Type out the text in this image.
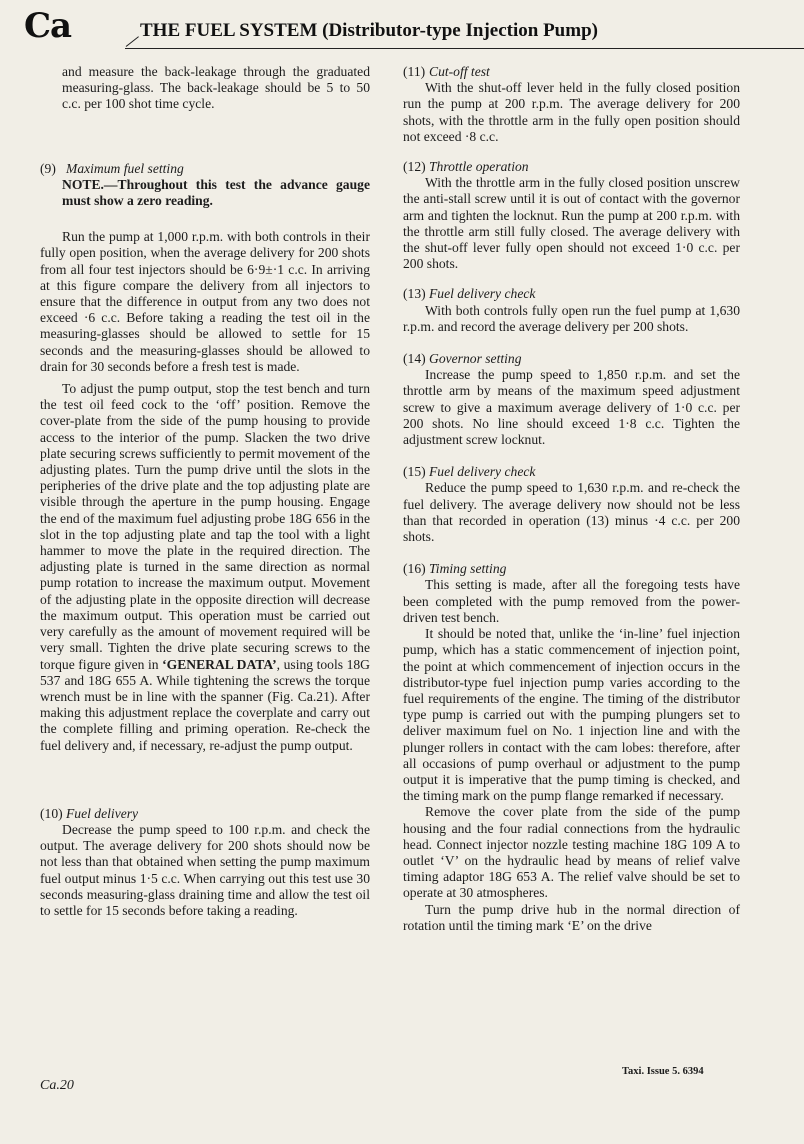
Ca	THE FUEL SYSTEM (Distributor-type Injection Pump)

and measure the back-leakage through the graduated measuring-glass. The back-leakage should be 5 to 50 c.c. per 100 shot time cycle.

(9) Maximum fuel setting

NOTE.—Throughout this test the advance gauge must show a zero reading.

Run the pump at 1,000 r.p.m. with both controls in their fully open position, when the average delivery for 200 shots from all four test injectors should be 6·9±·1 c.c. In arriving at this figure compare the delivery from all injectors to ensure that the difference in output from any two does not exceed ·6 c.c. Before taking a reading the test oil in the measuring-glasses should be allowed to settle for 15 seconds and the measuring-glasses should be allowed to drain for 30 seconds before a fresh test is made.

To adjust the pump output, stop the test bench and turn the test oil feed cock to the ‘off’ position. Remove the cover-plate from the side of the pump housing to provide access to the interior of the pump. Slacken the two drive plate securing screws sufficiently to permit movement of the adjusting plates. Turn the pump drive until the slots in the peripheries of the drive plate and the top adjusting plate are visible through the aperture in the pump housing. Engage the end of the maximum fuel adjusting probe 18G 656 in the slot in the top adjusting plate and tap the tool with a light hammer to move the plate in the required direction. The adjusting plate is turned in the same direction as normal pump rotation to increase the maximum output. Movement of the adjusting plate in the opposite direction will decrease the maximum output. This operation must be carried out very carefully as the amount of movement required will be very small. Tighten the drive plate securing screws to the torque figure given in ‘GENERAL DATA’, using tools 18G 537 and 18G 655 A. While tightening the screws the torque wrench must be in line with the spanner (Fig. Ca.21). After making this adjustment replace the coverplate and carry out the complete filling and priming operation. Re-check the fuel delivery and, if necessary, re-adjust the pump output.

(10) Fuel delivery

Decrease the pump speed to 100 r.p.m. and check the output. The average delivery for 200 shots should now be not less than that obtained when setting the pump maximum fuel output minus 1·5 c.c. When carrying out this test use 30 seconds measuring-glass draining time and allow the test oil to settle for 15 seconds before taking a reading.

(11) Cut-off test

With the shut-off lever held in the fully closed position run the pump at 200 r.p.m. The average delivery for 200 shots, with the throttle arm in the fully open position should not exceed ·8 c.c.

(12) Throttle operation

With the throttle arm in the fully closed position unscrew the anti-stall screw until it is out of contact with the governor arm and tighten the locknut. Run the pump at 200 r.p.m. with the throttle arm still fully closed. The average delivery with the shut-off lever fully open should not exceed 1·0 c.c. per 200 shots.

(13) Fuel delivery check

With both controls fully open run the fuel pump at 1,630 r.p.m. and record the average delivery per 200 shots.

(14) Governor setting

Increase the pump speed to 1,850 r.p.m. and set the throttle arm by means of the maximum speed adjustment screw to give a maximum average delivery of 1·0 c.c. per 200 shots. No line should exceed 1·8 c.c. Tighten the adjustment screw locknut.

(15) Fuel delivery check

Reduce the pump speed to 1,630 r.p.m. and re-check the fuel delivery. The average delivery now should not be less than that recorded in operation (13) minus ·4 c.c. per 200 shots.

(16) Timing setting

This setting is made, after all the foregoing tests have been completed with the pump removed from the power-driven test bench.

It should be noted that, unlike the ‘in-line’ fuel injection pump, which has a static commencement of injection point, the point at which commencement of injection occurs in the distributor-type fuel injection pump varies according to the fuel requirements of the engine. The timing of the distributor type pump is carried out with the pumping plungers set to deliver maximum fuel on No. 1 injection line and with the plunger rollers in contact with the cam lobes: therefore, after all occasions of pump overhaul or adjustment to the pump output it is imperative that the pump timing is checked, and the timing mark on the pump flange remarked if necessary.

Remove the cover plate from the side of the pump housing and the four radial connections from the hydraulic head. Connect injector nozzle testing machine 18G 109 A to outlet ‘V’ on the hydraulic head by means of relief valve timing adaptor 18G 653 A. The relief valve should be set to operate at 30 atmospheres.

Turn the pump drive hub in the normal direction of rotation until the timing mark ‘E’ on the drive

Ca.20
Taxi. Issue 5. 6394
